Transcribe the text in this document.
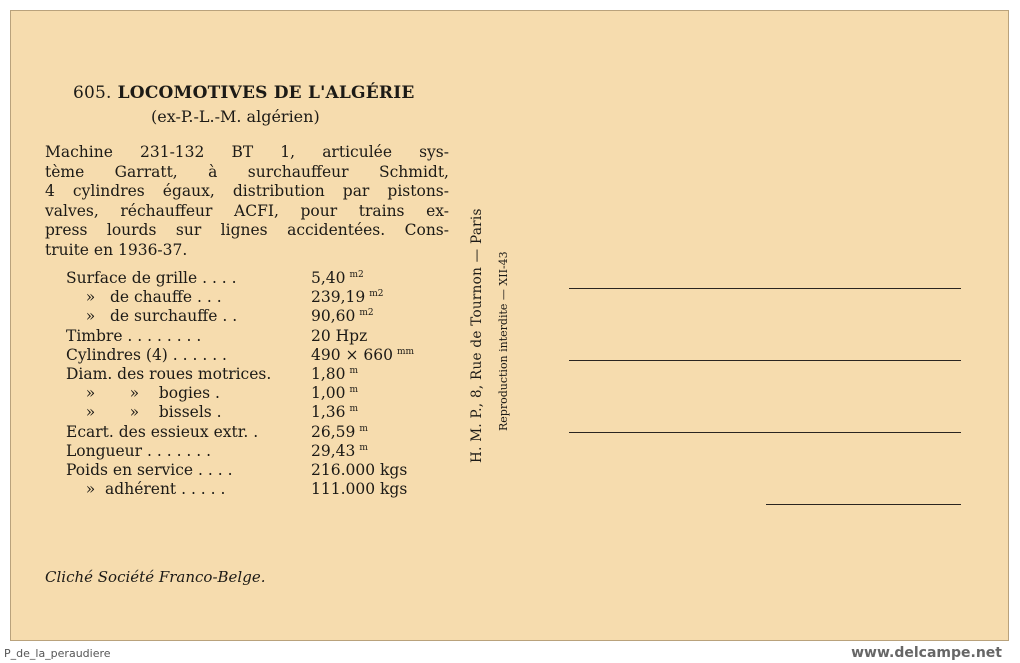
605. LOCOMOTIVES DE L'ALGÉRIE
(ex-P.-L.-M. algérien)
Machine 231-132 BT 1, articulée sys-
tème Garratt, à surchauffeur Schmidt,
4 cylindres égaux, distribution par pistons-
valves, réchauffeur ACFI, pour trains ex-
press lourds sur lignes accidentées. Cons-
truite en 1936-37.
Surface de grille . . . .	5,40 $^{m2}$
»   de chauffe . . .	239,19 $^{m2}$
»   de surchauffe . .	90,60 $^{m2}$
Timbre . . . . . . . .	20 Hpz
Cylindres (4) . . . . . .	490 × 660 $^{mm}$
Diam. des roues motrices.	1,80 $^m$
»       »    bogies .	1,00 $^m$
»       »    bissels .	1,36 $^m$
Ecart. des essieux extr. .	26,59 $^m$
Longueur . . . . . . .	29,43 $^m$
Poids en service . . . .	216.000 kgs
»  adhérent . . . . .	111.000 kgs
Cliché Société Franco-Belge.
H. M. P., 8, Rue de Tournon — Paris Reproduction interdite — XII-43
P_de_la_peraudiere	www.delcampe.net
